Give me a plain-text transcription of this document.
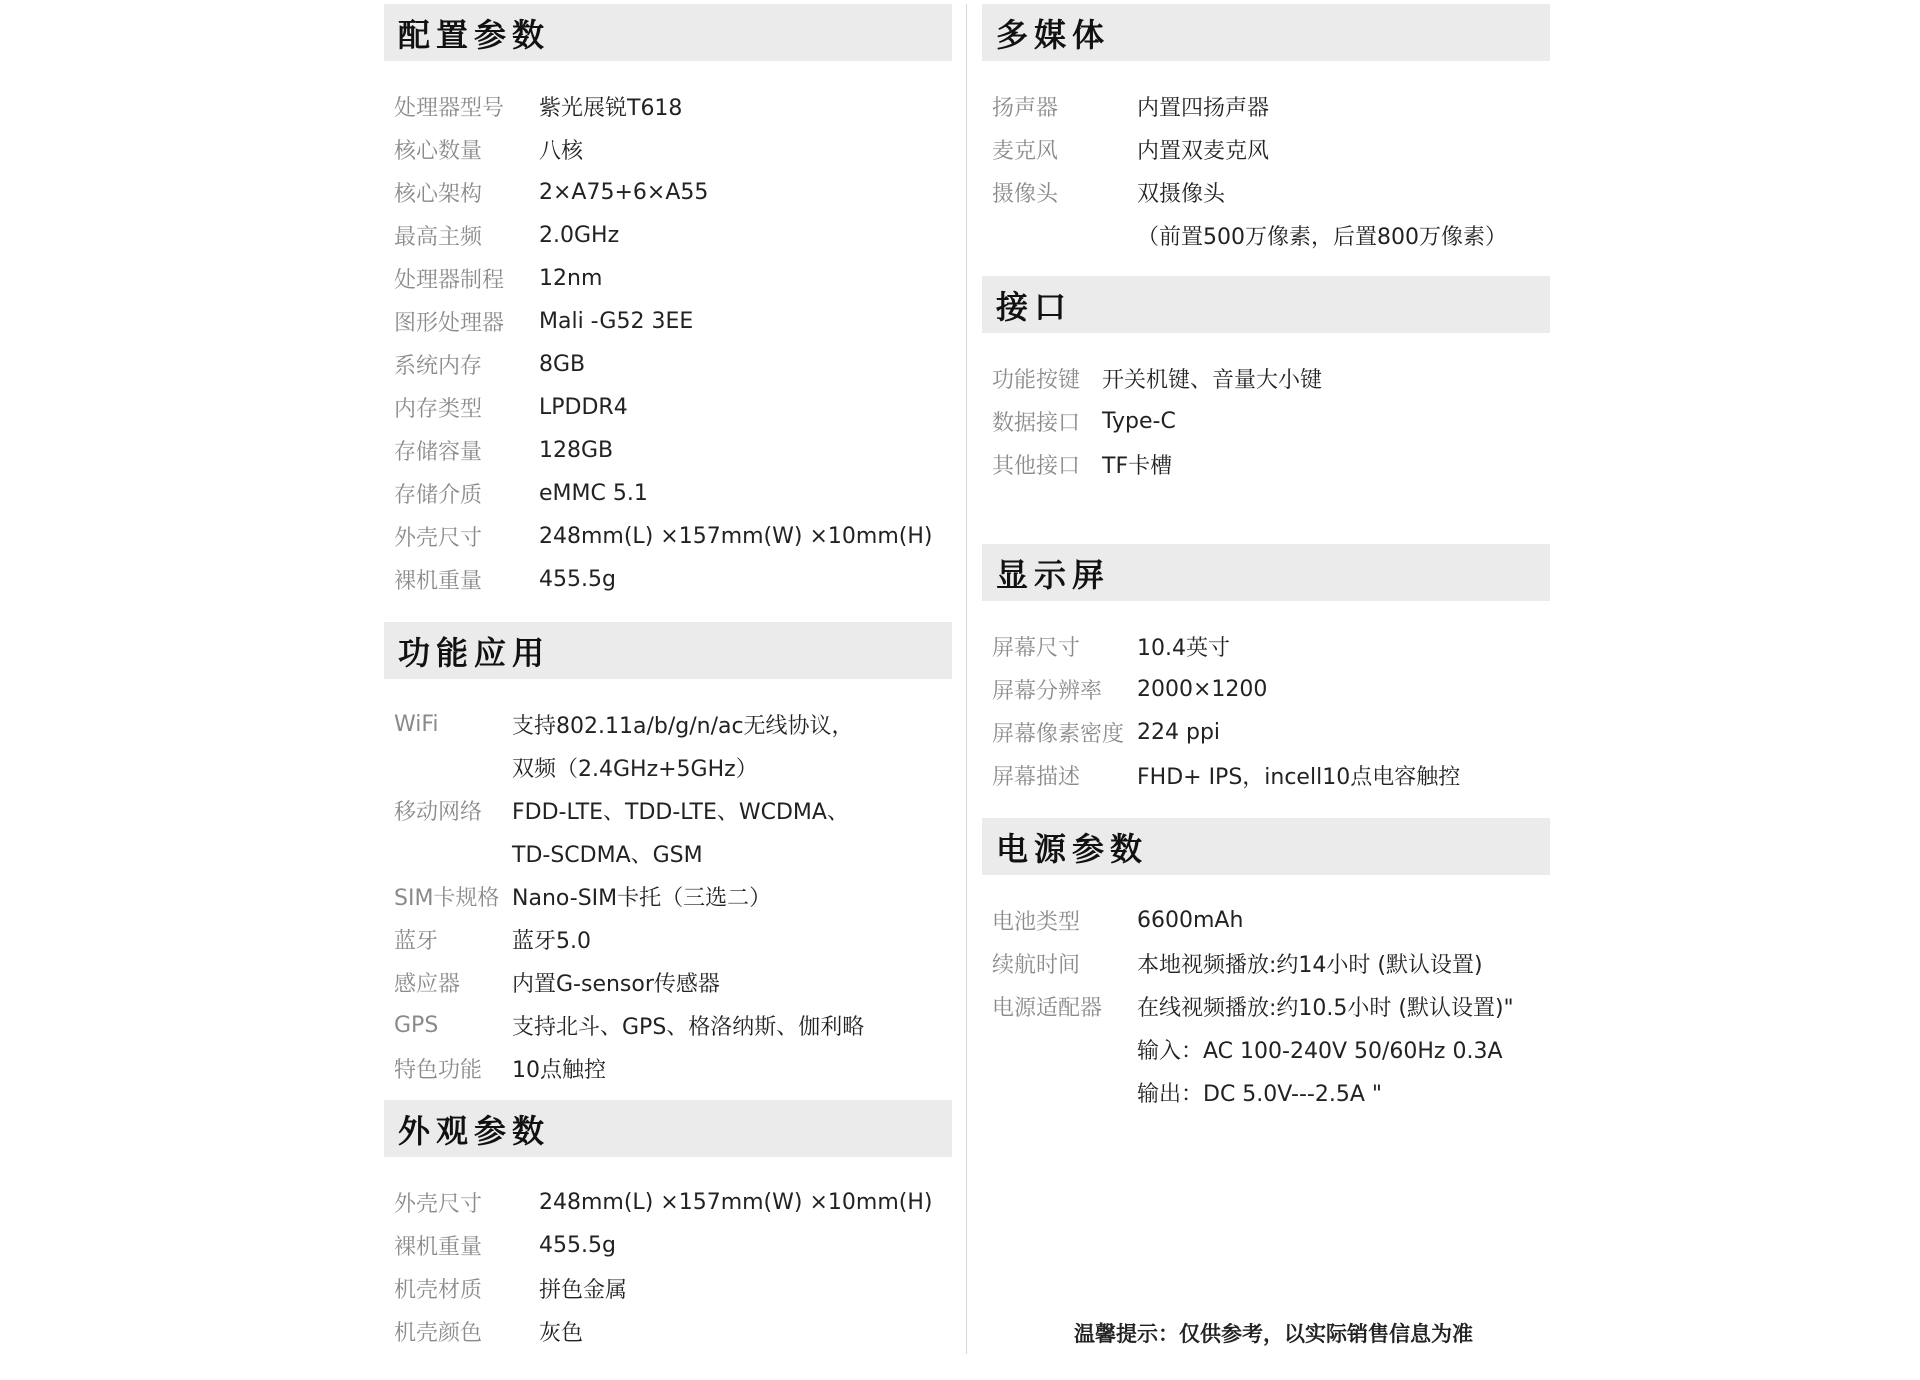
配置参数
处理器型号	紫光展锐T618
核心数量	八核
核心架构	2×A75+6×A55
最高主频	2.0GHz
处理器制程	12nm
图形处理器	Mali -G52 3EE
系统内存	8GB
内存类型	LPDDR4
存储容量	128GB
存储介质	eMMC 5.1
外壳尺寸	248mm(L) ×157mm(W) ×10mm(H)
裸机重量	455.5g
功能应用
WiFi	支持802.11a/b/g/n/ac无线协议，
双频（2.4GHz+5GHz）
移动网络	FDD-LTE、TDD-LTE、WCDMA、
TD-SCDMA、GSM
SIM卡规格 Nano-SIM卡托（三选二）
蓝牙	蓝牙5.0
感应器	内置G-sensor传感器
GPS	支持北斗、GPS、格洛纳斯、伽利略
特色功能	10点触控
外观参数
外壳尺寸	248mm(L) ×157mm(W) ×10mm(H)
裸机重量	455.5g
机壳材质	拼色金属
机壳颜色	灰色
多媒体
扬声器	内置四扬声器
麦克风	内置双麦克风
摄像头	双摄像头
（前置500万像素，后置800万像素）
接口
功能按键 开关机键、音量大小键
数据接口 Type-C
其他接口 TF卡槽
显示屏
屏幕尺寸	10.4英寸
屏幕分辨率	2000×1200
屏幕像素密度 224 ppi
屏幕描述	FHD+ IPS，incell10点电容触控
电源参数
电池类型	6600mAh
续航时间	本地视频播放:约14小时 (默认设置)
电源适配器	在线视频播放:约10.5小时 (默认设置)"
输入：AC 100-240V 50/60Hz 0.3A
输出：DC 5.0V---2.5A "
温馨提示：仅供参考，以实际销售信息为准
